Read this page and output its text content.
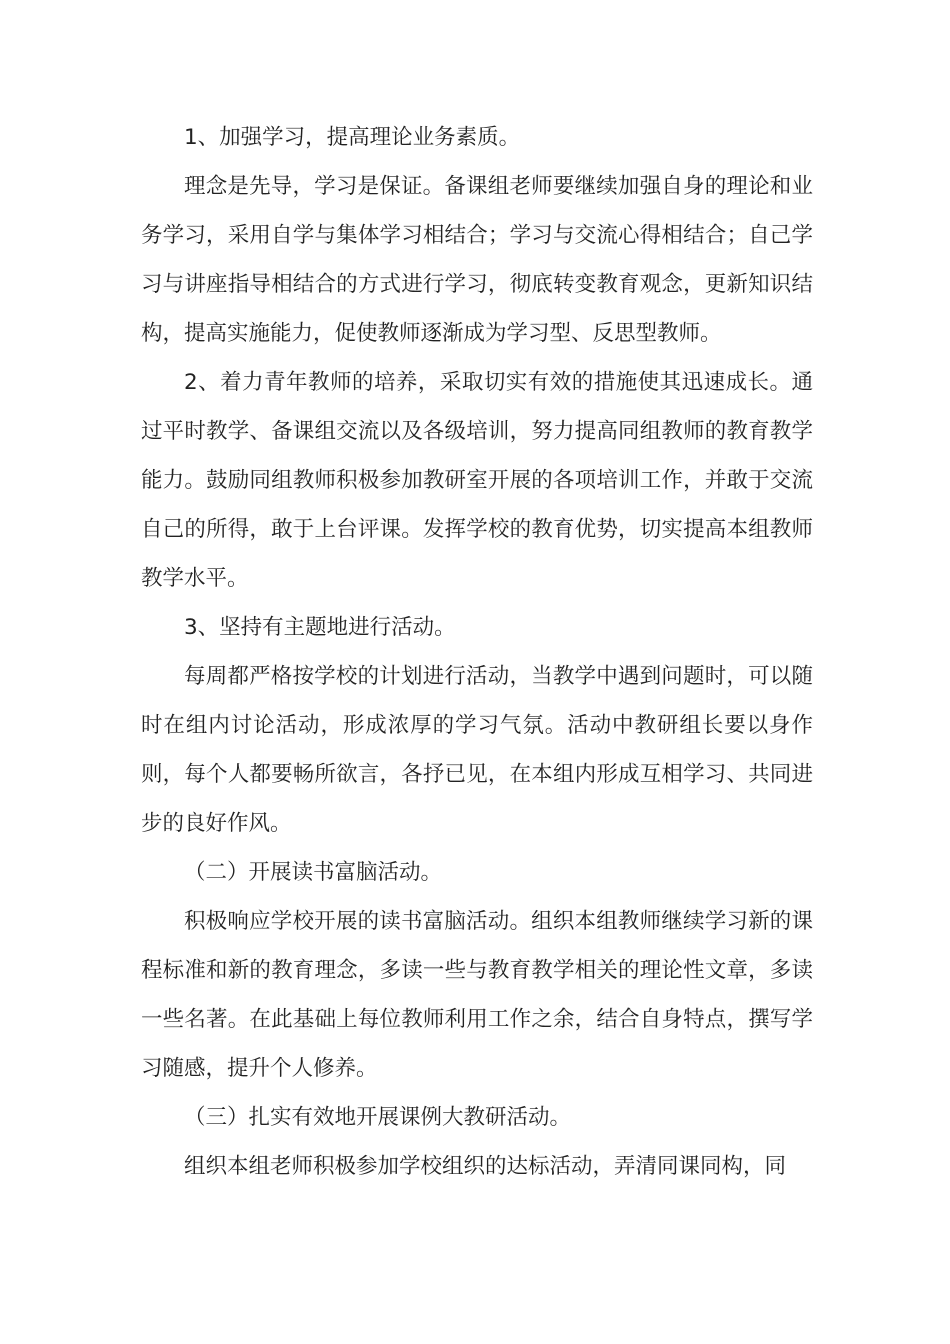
1、加强学习，提高理论业务素质。

理念是先导，学习是保证。备课组老师要继续加强自身的理论和业务学习，采用自学与集体学习相结合；学习与交流心得相结合；自己学习与讲座指导相结合的方式进行学习，彻底转变教育观念，更新知识结构，提高实施能力，促使教师逐渐成为学习型、反思型教师。

2、着力青年教师的培养，采取切实有效的措施使其迅速成长。通过平时教学、备课组交流以及各级培训，努力提高同组教师的教育教学能力。鼓励同组教师积极参加教研室开展的各项培训工作，并敢于交流自己的所得，敢于上台评课。发挥学校的教育优势，切实提高本组教师教学水平。

3、坚持有主题地进行活动。

每周都严格按学校的计划进行活动，当教学中遇到问题时，可以随时在组内讨论活动，形成浓厚的学习气氛。活动中教研组长要以身作则，每个人都要畅所欲言，各抒已见，在本组内形成互相学习、共同进步的良好作风。

（二）开展读书富脑活动。

积极响应学校开展的读书富脑活动。组织本组教师继续学习新的课程标准和新的教育理念，多读一些与教育教学相关的理论性文章，多读一些名著。在此基础上每位教师利用工作之余，结合自身特点，撰写学习随感，提升个人修养。

（三）扎实有效地开展课例大教研活动。

组织本组老师积极参加学校组织的达标活动，弄清同课同构，同
